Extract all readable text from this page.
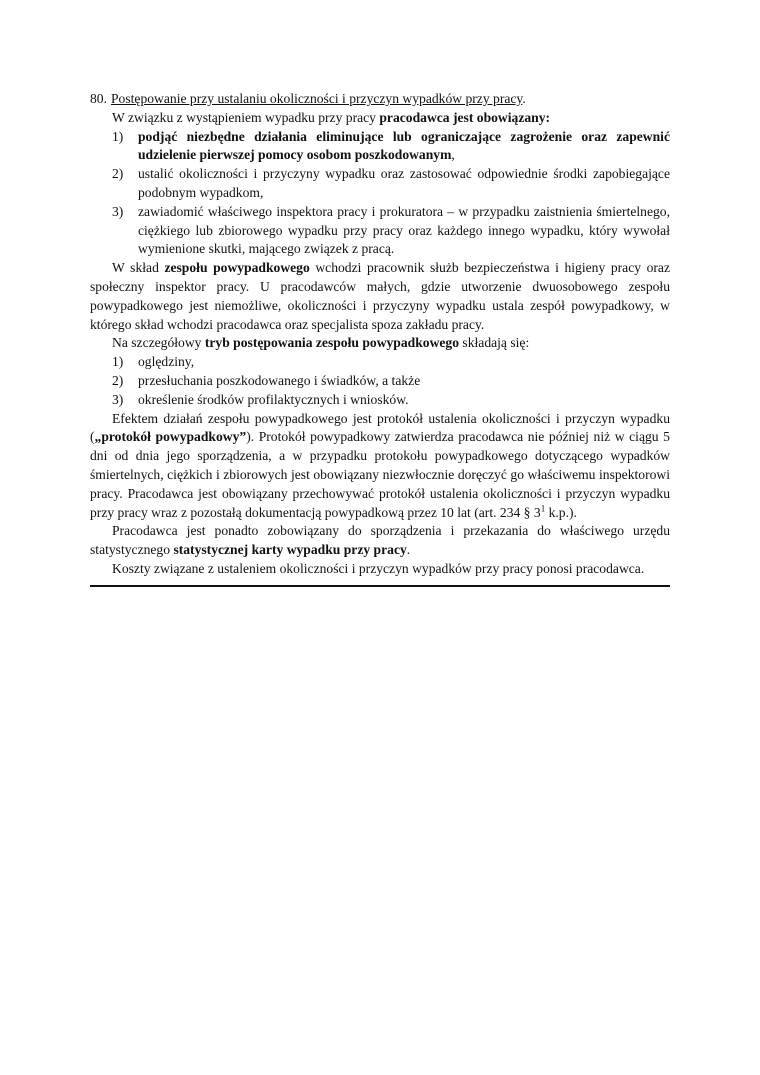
80. Postępowanie przy ustalaniu okoliczności i przyczyn wypadków przy pracy.

W związku z wystąpieniem wypadku przy pracy pracodawca jest obowiązany:

1) podjąć niezbędne działania eliminujące lub ograniczające zagrożenie oraz zapewnić udzielenie pierwszej pomocy osobom poszkodowanym,
2) ustalić okoliczności i przyczyny wypadku oraz zastosować odpowiednie środki zapobiegające podobnym wypadkom,
3) zawiadomić właściwego inspektora pracy i prokuratora – w przypadku zaistnienia śmiertelnego, ciężkiego lub zbiorowego wypadku przy pracy oraz każdego innego wypadku, który wywołał wymienione skutki, mającego związek z pracą.

W skład zespołu powypadkowego wchodzi pracownik służb bezpieczeństwa i higieny pracy oraz społeczny inspektor pracy. U pracodawców małych, gdzie utworzenie dwuosobowego zespołu powypadkowego jest niemożliwe, okoliczności i przyczyny wypadku ustala zespół powypadkowy, w którego skład wchodzi pracodawca oraz specjalista spoza zakładu pracy.

Na szczegółowy tryb postępowania zespołu powypadkowego składają się:

1) oględziny,
2) przesłuchania poszkodowanego i świadków, a także
3) określenie środków profilaktycznych i wniosków.

Efektem działań zespołu powypadkowego jest protokół ustalenia okoliczności i przyczyn wypadku („protokół powypadkowy”). Protokół powypadkowy zatwierdza pracodawca nie później niż w ciągu 5 dni od dnia jego sporządzenia, a w przypadku protokołu powypadkowego dotyczącego wypadków śmiertelnych, ciężkich i zbiorowych jest obowiązany niezwłocznie doręczyć go właściwemu inspektorowi pracy. Pracodawca jest obowiązany przechowywać protokół ustalenia okoliczności i przyczyn wypadku przy pracy wraz z pozostałą dokumentacją powypadkową przez 10 lat (art. 234 § $3^1$ k.p.).

Pracodawca jest ponadto zobowiązany do sporządzenia i przekazania do właściwego urzędu statystycznego statystycznej karty wypadku przy pracy.

Koszty związane z ustaleniem okoliczności i przyczyn wypadków przy pracy ponosi pracodawca.
